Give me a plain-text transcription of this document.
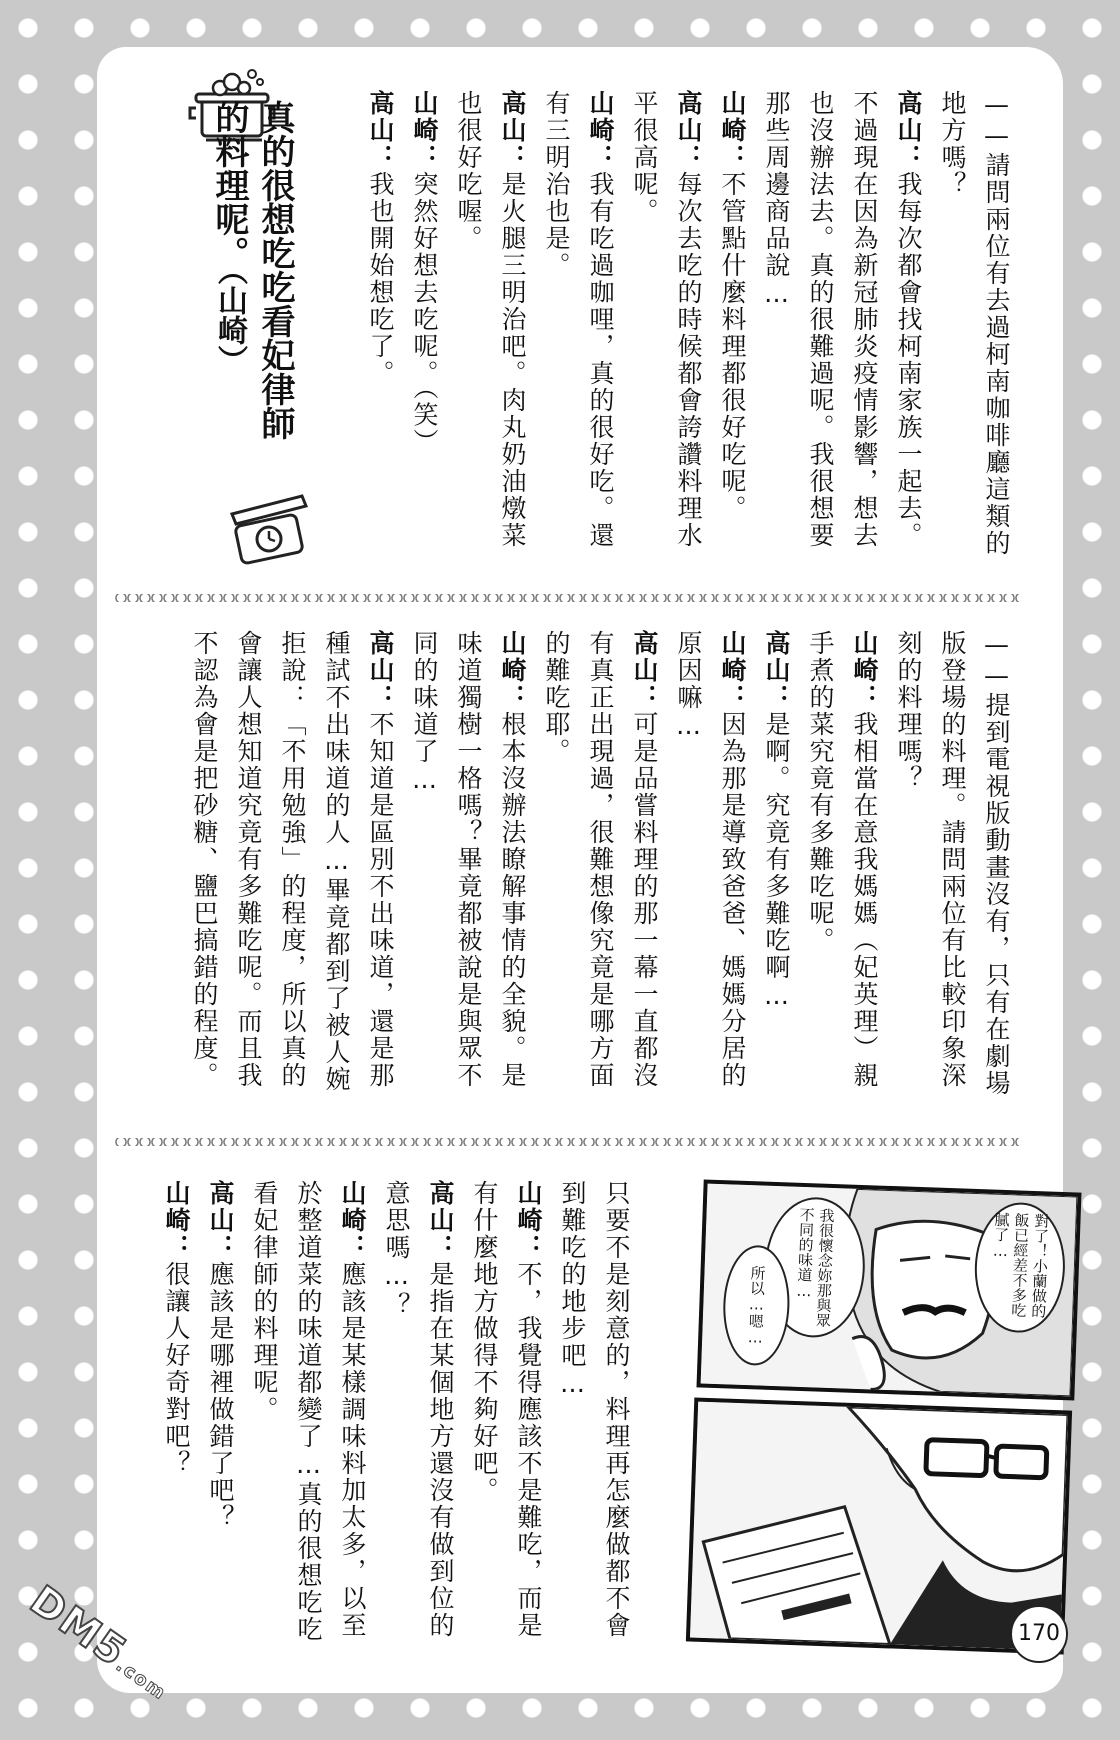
——請問兩位有去過柯南咖啡廳這類的地方嗎？

高山：我每次都會找柯南家族一起去。不過現在因為新冠肺炎疫情影響，想去也沒辦法去。真的很難過呢。我很想要那些周邊商品說…

山崎：不管點什麼料理都很好吃呢。

高山：每次去吃的時候都會誇讚料理水平很高呢。

山崎：我有吃過咖哩，真的很好吃。還有三明治也是。

高山：是火腿三明治吧。肉丸奶油燉菜也很好吃喔。

山崎：突然好想去吃呢。（笑）

高山：我也開始想吃了。

真的很想吃吃看妃律師的料理呢。（山崎）

——提到電視版動畫沒有，只有在劇場版登場的料理。請問兩位有比較印象深刻的料理嗎？

山崎：我相當在意我媽媽（妃英理）親手煮的菜究竟有多難吃呢。

高山：是啊。究竟有多難吃啊…

山崎：因為那是導致爸爸、媽媽分居的原因嘛…

高山：可是品嘗料理的那一幕一直都沒有真正出現過，很難想像究竟是哪方面的難吃耶。

山崎：根本沒辦法瞭解事情的全貌。是味道獨樹一格嗎？畢竟都被說是與眾不同的味道了…

高山：不知道是區別不出味道，還是那種試不出味道的人…畢竟都到了被人婉拒說：「不用勉強」的程度，所以真的會讓人想知道究竟有多難吃呢。而且我不認為會是把砂糖、鹽巴搞錯的程度。

只要不是刻意的，料理再怎麼做都不會到難吃的地步吧…

山崎：不，我覺得應該不是難吃，而是有什麼地方做得不夠好吧。

高山：是指在某個地方還沒有做到位的意思嗎…？

山崎：應該是某樣調味料加太多，以至於整道菜的味道都變了…真的很想吃吃看妃律師的料理呢。

高山：應該是哪裡做錯了吧？

山崎：很讓人好奇對吧？	對了！小蘭做的飯已經差不多吃膩了…
我很懷念妳那與眾不同的味道…
所以…嗯…
170
DM5.com
